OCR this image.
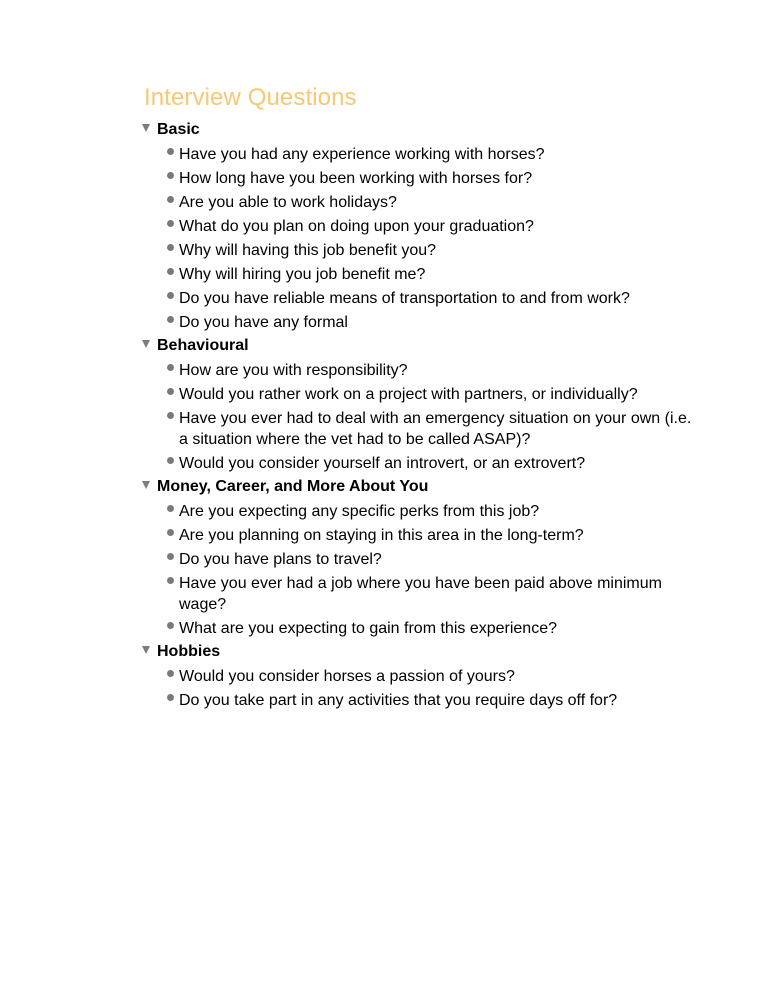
Interview Questions
Basic
Have you had any experience working with horses?
How long have you been working with horses for?
Are you able to work holidays?
What do you plan on doing upon your graduation?
Why will having this job benefit you?
Why will hiring you job benefit me?
Do you have reliable means of transportation to and from work?
Do you have any formal
Behavioural
How are you with responsibility?
Would you rather work on a project with partners, or individually?
Have you ever had to deal with an emergency situation on your own (i.e. a situation where the vet had to be called ASAP)?
Would you consider yourself an introvert, or an extrovert?
Money, Career, and More About You
Are you expecting any specific perks from this job?
Are you planning on staying in this area in the long-term?
Do you have plans to travel?
Have you ever had a job where you have been paid above minimum wage?
What are you expecting to gain from this experience?
Hobbies
Would you consider horses a passion of yours?
Do you take part in any activities that you require days off for?
